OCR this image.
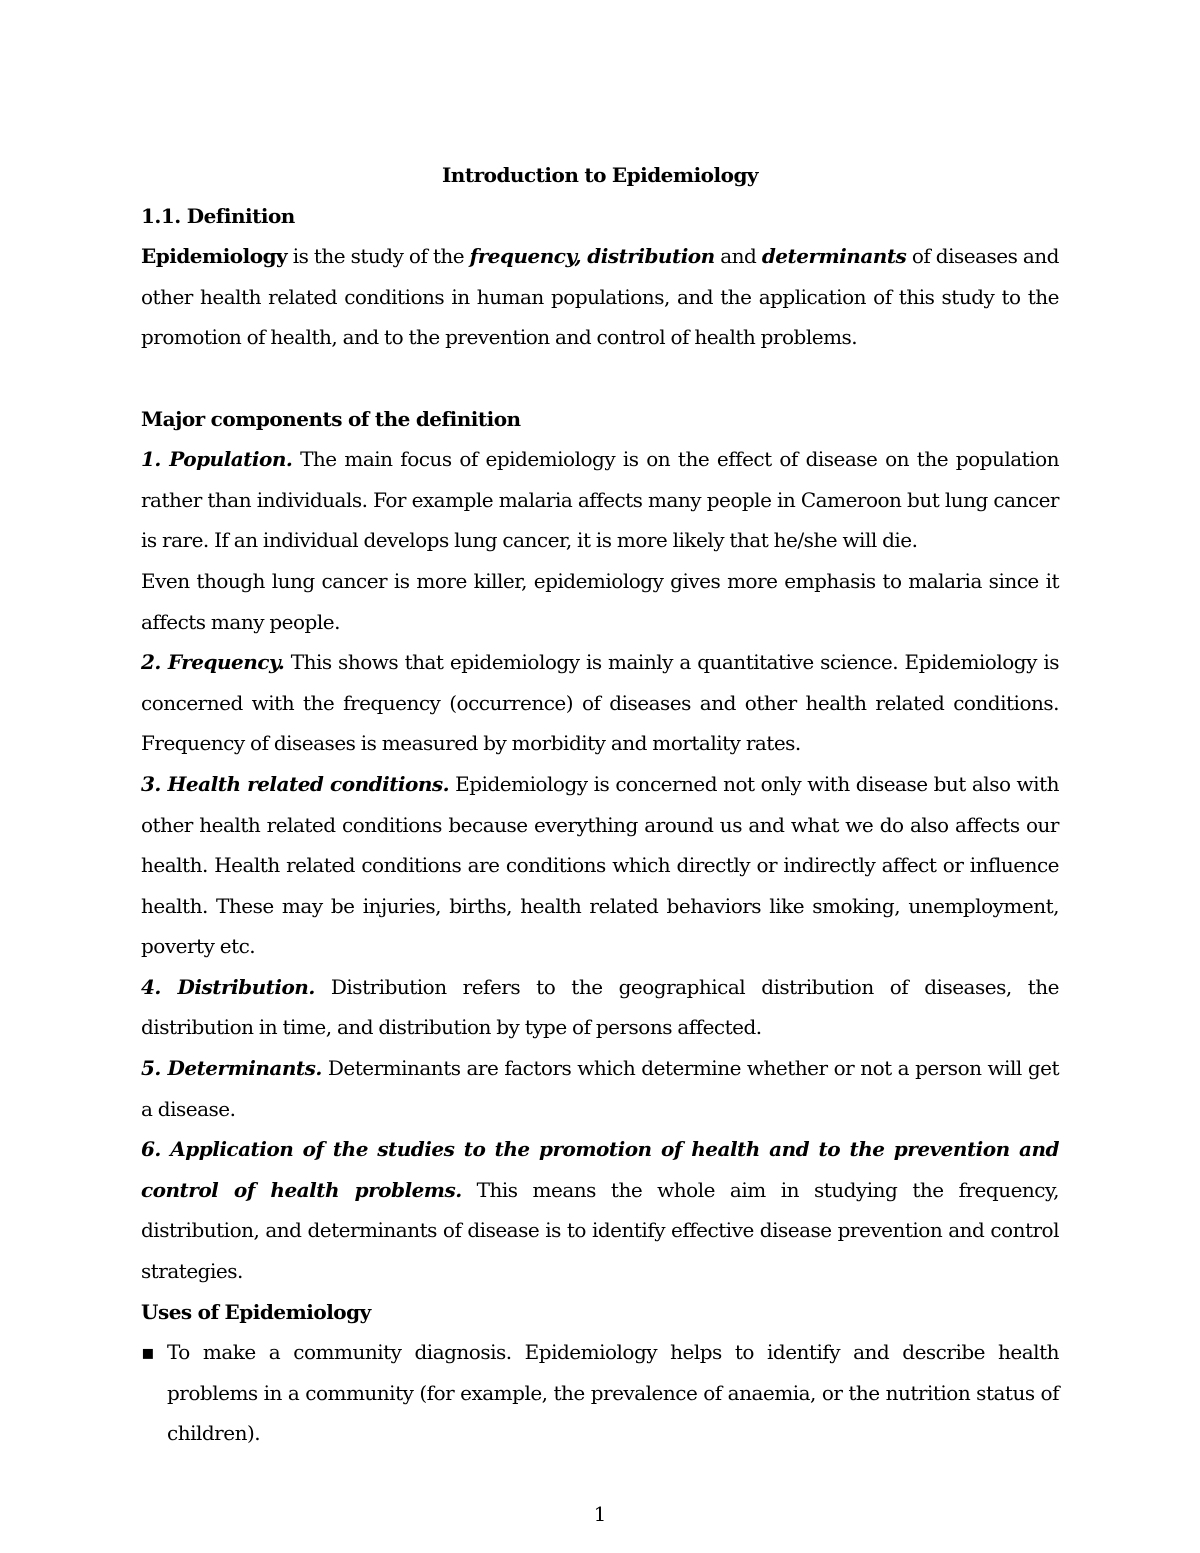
Introduction to Epidemiology
1.1. Definition

Epidemiology is the study of the frequency, distribution and determinants of diseases and other health related conditions in human populations, and the application of this study to the promotion of health, and to the prevention and control of health problems.

Major components of the definition

1. Population. The main focus of epidemiology is on the effect of disease on the population rather than individuals. For example malaria affects many people in Cameroon but lung cancer is rare. If an individual develops lung cancer, it is more likely that he/she will die.

Even though lung cancer is more killer, epidemiology gives more emphasis to malaria since it affects many people.

2. Frequency. This shows that epidemiology is mainly a quantitative science. Epidemiology is concerned with the frequency (occurrence) of diseases and other health related conditions. Frequency of diseases is measured by morbidity and mortality rates.

3. Health related conditions. Epidemiology is concerned not only with disease but also with other health related conditions because everything around us and what we do also affects our health. Health related conditions are conditions which directly or indirectly affect or influence health. These may be injuries, births, health related behaviors like smoking, unemployment, poverty etc.

4. Distribution. Distribution refers to the geographical distribution of diseases, the distribution in time, and distribution by type of persons affected.

5. Determinants. Determinants are factors which determine whether or not a person will get a disease.

6. Application of the studies to the promotion of health and to the prevention and control of health problems. This means the whole aim in studying the frequency, distribution, and determinants of disease is to identify effective disease prevention and control strategies.

Uses of Epidemiology

▪ To make a community diagnosis. Epidemiology helps to identify and describe health problems in a community (for example, the prevalence of anaemia, or the nutrition status of children).

1
